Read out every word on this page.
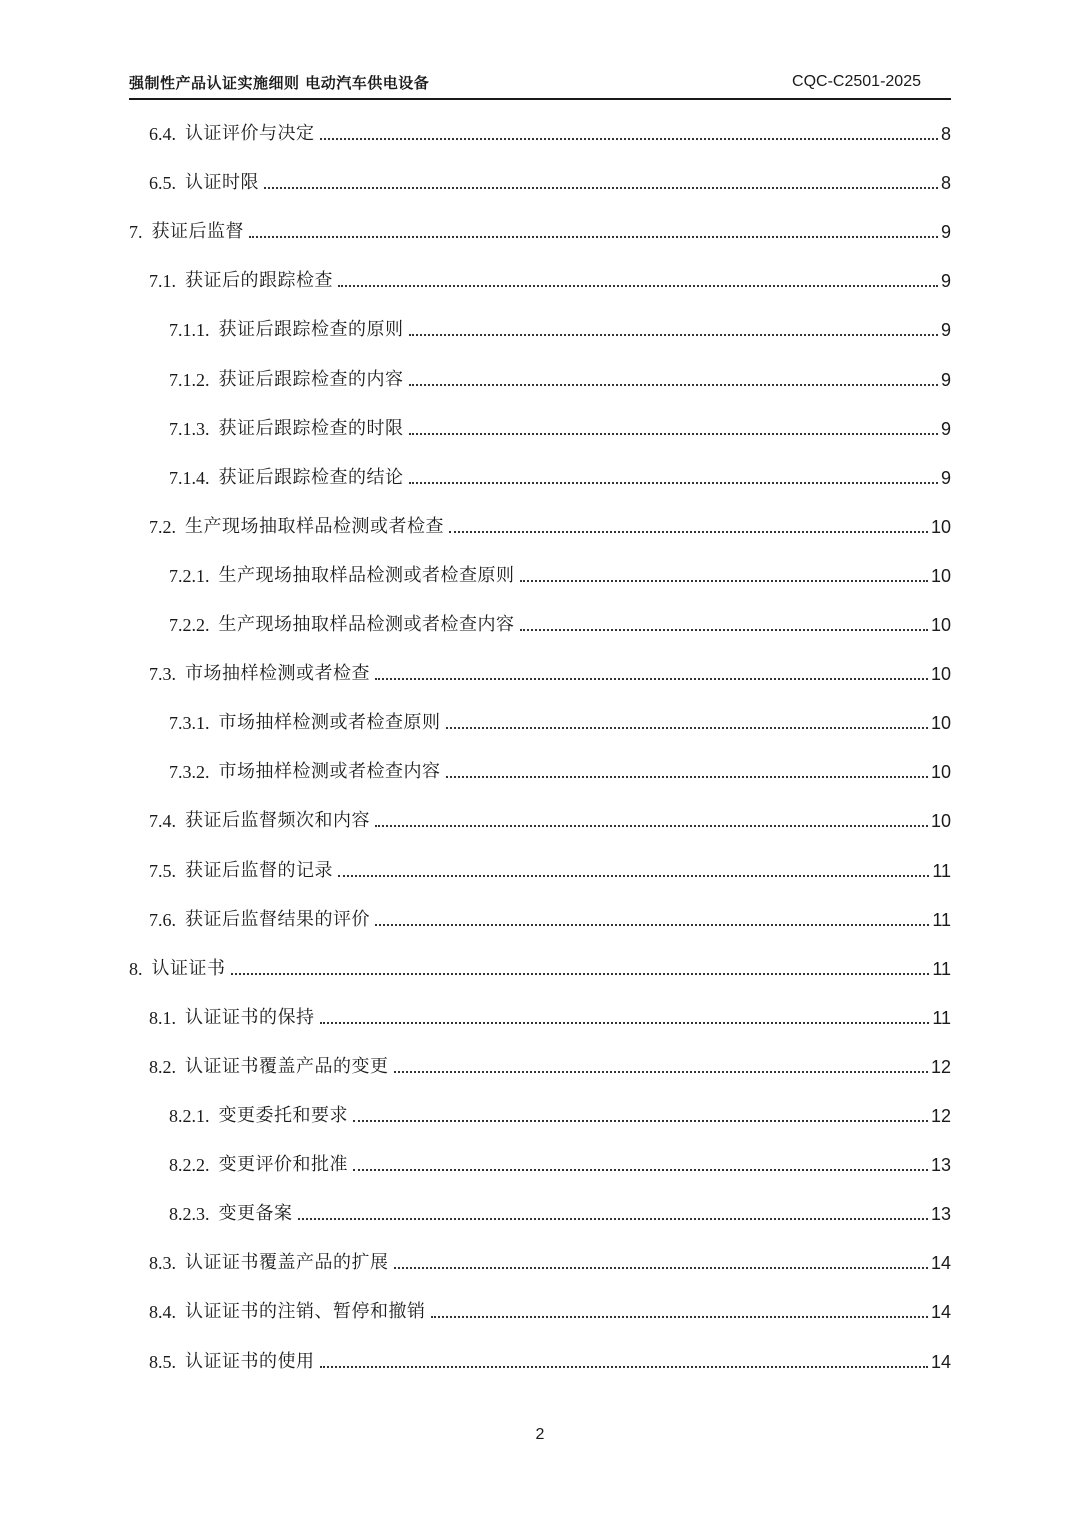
强制性产品认证实施细则 电动汽车供电设备	CQC-C2501-2025
6.4. 认证评价与决定	8
6.5. 认证时限	8
7. 获证后监督	9
7.1. 获证后的跟踪检查	9
7.1.1. 获证后跟踪检查的原则	9
7.1.2. 获证后跟踪检查的内容	9
7.1.3. 获证后跟踪检查的时限	9
7.1.4. 获证后跟踪检查的结论	9
7.2. 生产现场抽取样品检测或者检查	10
7.2.1. 生产现场抽取样品检测或者检查原则	10
7.2.2. 生产现场抽取样品检测或者检查内容	10
7.3. 市场抽样检测或者检查	10
7.3.1. 市场抽样检测或者检查原则	10
7.3.2. 市场抽样检测或者检查内容	10
7.4. 获证后监督频次和内容	10
7.5. 获证后监督的记录	11
7.6. 获证后监督结果的评价	11
8. 认证证书	11
8.1. 认证证书的保持	11
8.2. 认证证书覆盖产品的变更	12
8.2.1. 变更委托和要求	12
8.2.2. 变更评价和批准	13
8.2.3. 变更备案	13
8.3. 认证证书覆盖产品的扩展	14
8.4. 认证证书的注销、暂停和撤销	14
8.5. 认证证书的使用	14
2
